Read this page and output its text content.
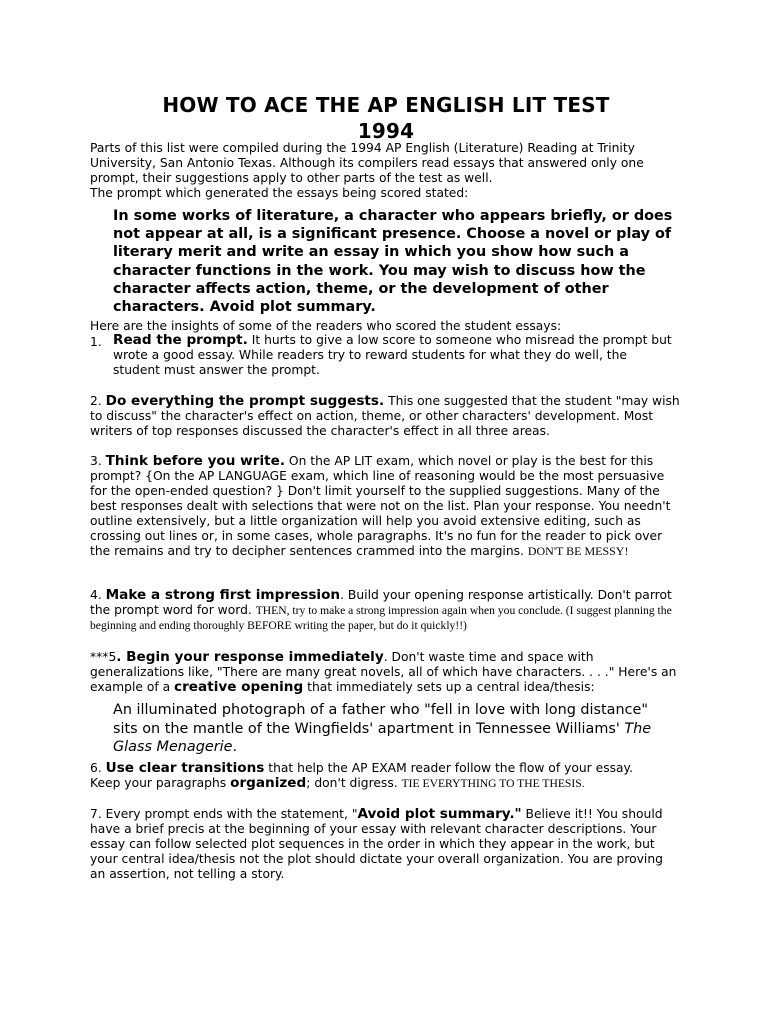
HOW TO ACE THE AP ENGLISH LIT TEST
1994
Parts of this list were compiled during the 1994 AP English (Literature) Reading at Trinity University, San Antonio Texas. Although its compilers read essays that answered only one prompt, their suggestions apply to other parts of the test as well.
The prompt which generated the essays being scored stated:
In some works of literature, a character who appears briefly, or does not appear at all, is a significant presence. Choose a novel or play of literary merit and write an essay in which you show how such a character functions in the work. You may wish to discuss how the character affects action, theme, or the development of other characters. Avoid plot summary.
Here are the insights of some of the readers who scored the student essays:
1. Read the prompt. It hurts to give a low score to someone who misread the prompt but wrote a good essay. While readers try to reward students for what they do well, the student must answer the prompt.
2. Do everything the prompt suggests. This one suggested that the student "may wish to discuss" the character's effect on action, theme, or other characters' development. Most writers of top responses discussed the character's effect in all three areas.
3. Think before you write. On the AP LIT exam, which novel or play is the best for this prompt? {On the AP LANGUAGE exam, which line of reasoning would be the most persuasive for the open-ended question? } Don't limit yourself to the supplied suggestions. Many of the best responses dealt with selections that were not on the list. Plan your response. You needn't outline extensively, but a little organization will help you avoid extensive editing, such as crossing out lines or, in some cases, whole paragraphs. It's no fun for the reader to pick over the remains and try to decipher sentences crammed into the margins. DON'T BE MESSY!
4. Make a strong first impression. Build your opening response artistically. Don't parrot the prompt word for word. THEN, try to make a strong impression again when you conclude. (I suggest planning the beginning and ending thoroughly BEFORE writing the paper, but do it quickly!!)
***5. Begin your response immediately. Don't waste time and space with generalizations like, "There are many great novels, all of which have characters. . . ." Here's an example of a creative opening that immediately sets up a central idea/thesis:
An illuminated photograph of a father who "fell in love with long distance" sits on the mantle of the Wingfields' apartment in Tennessee Williams' The Glass Menagerie.
6. Use clear transitions that help the AP EXAM reader follow the flow of your essay.
Keep your paragraphs organized; don't digress. TIE EVERYTHING TO THE THESIS.
7. Every prompt ends with the statement, "Avoid plot summary." Believe it!! You should have a brief precis at the beginning of your essay with relevant character descriptions. Your essay can follow selected plot sequences in the order in which they appear in the work, but your central idea/thesis not the plot should dictate your overall organization. You are proving an assertion, not telling a story.
